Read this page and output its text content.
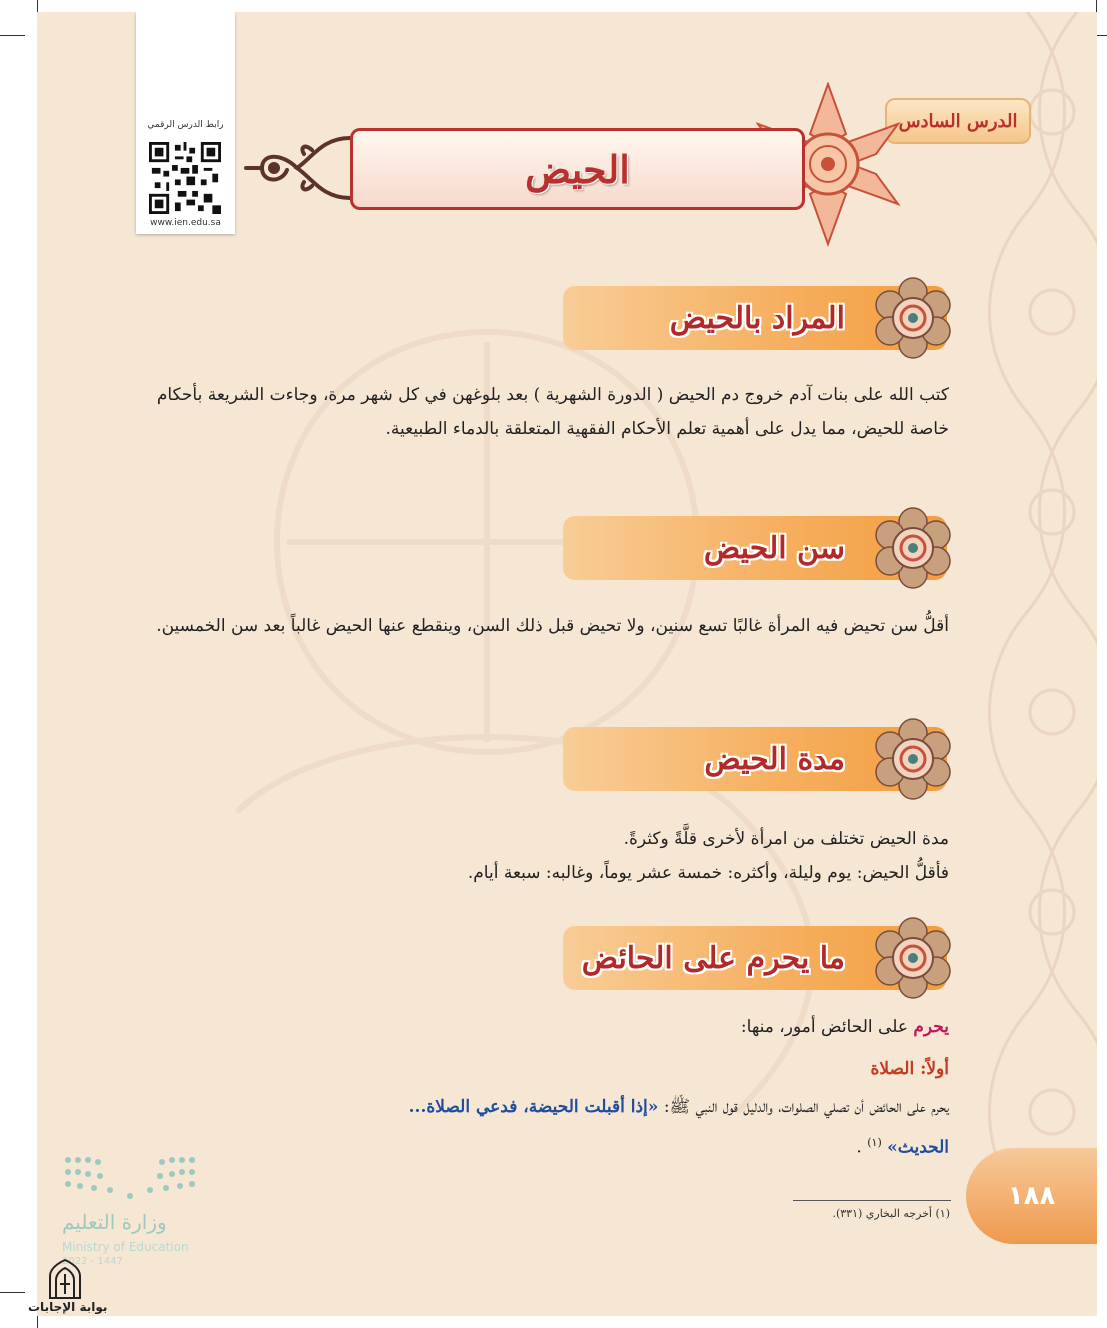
رابط الدرس الرقمي
www.ien.edu.sa
الدرس السادس
الحيض
المراد بالحيض
كتب الله على بنات آدم خروج دم الحيض ( الدورة الشهرية ) بعد بلوغهن في كل شهر مرة، وجاءت الشريعة بأحكام خاصة للحيض، مما يدل على أهمية تعلم الأحكام الفقهية المتعلقة بالدماء الطبيعية.
سن الحيض
أقلُّ سن تحيض فيه المرأة غالبًا تسع سنين، ولا تحيض قبل ذلك السن، وينقطع عنها الحيض غالباً بعد سن الخمسين.
مدة الحيض
مدة الحيض تختلف من امرأة لأخرى قلَّةً وكثرةً.
فأقلُّ الحيض: يوم وليلة، وأكثره: خمسة عشر يوماً، وغالبه: سبعة أيام.
ما يحرم على الحائض
يحرم على الحائض أمور، منها:
أولاً: الصلاة
يحرم على الحائض أن تصلي الصلوات، والدليل قول النبي ﷺ: «إذا أقبلت الحيضة، فدعي الصلاة...
الحديث» $^{(١)}$ .
(١) أخرجه البخاري (٣٣١).
١٨٨
وزارة التعليم
Ministry of Education
2022 - 1447
بوابة الإجابات
